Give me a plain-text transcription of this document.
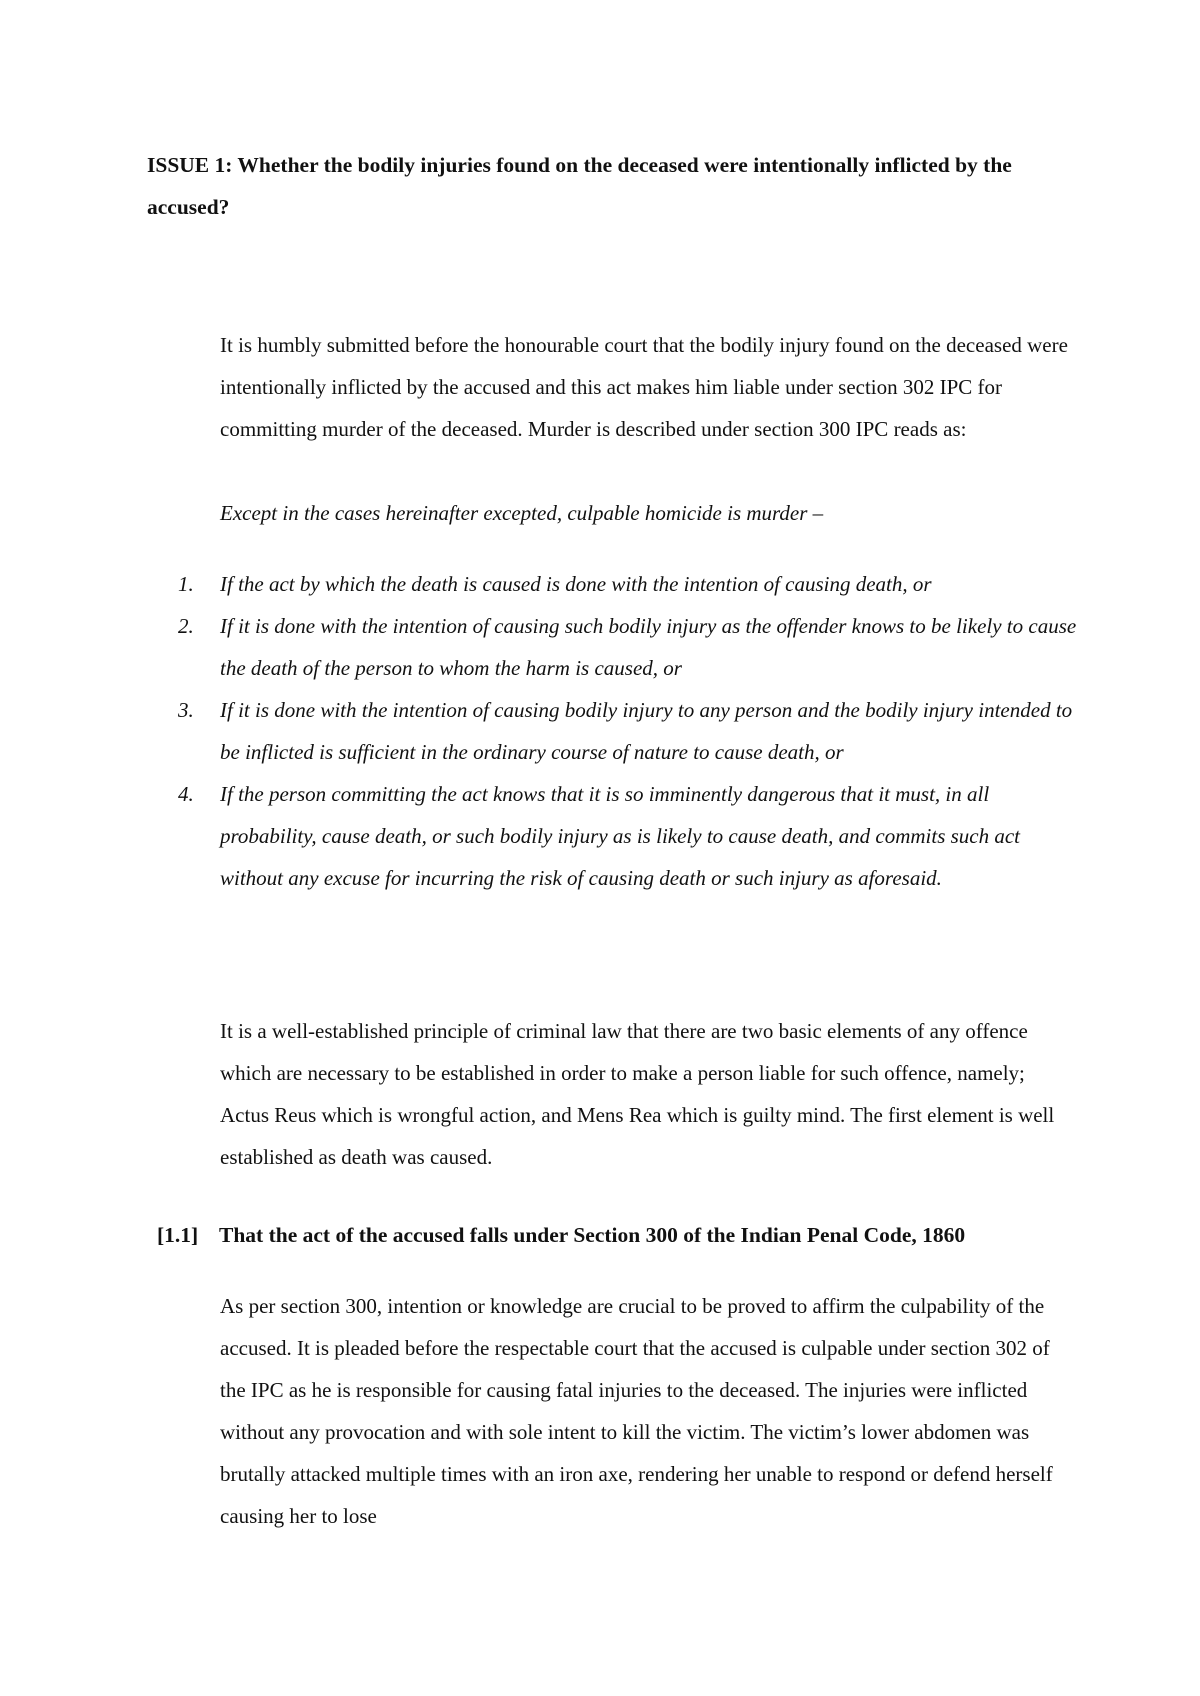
ISSUE 1: Whether the bodily injuries found on the deceased were intentionally inflicted by the accused?

It is humbly submitted before the honourable court that the bodily injury found on the deceased were intentionally inflicted by the accused and this act makes him liable under section 302 IPC for committing murder of the deceased. Murder is described under section 300 IPC reads as:

Except in the cases hereinafter excepted, culpable homicide is murder –

1. If the act by which the death is caused is done with the intention of causing death, or
2. If it is done with the intention of causing such bodily injury as the offender knows to be likely to cause the death of the person to whom the harm is caused, or
3. If it is done with the intention of causing bodily injury to any person and the bodily injury intended to be inflicted is sufficient in the ordinary course of nature to cause death, or
4. If the person committing the act knows that it is so imminently dangerous that it must, in all probability, cause death, or such bodily injury as is likely to cause death, and commits such act without any excuse for incurring the risk of causing death or such injury as aforesaid.

It is a well-established principle of criminal law that there are two basic elements of any offence which are necessary to be established in order to make a person liable for such offence, namely; Actus Reus which is wrongful action, and Mens Rea which is guilty mind. The first element is well established as death was caused.

[1.1] That the act of the accused falls under Section 300 of the Indian Penal Code, 1860

As per section 300, intention or knowledge are crucial to be proved to affirm the culpability of the accused. It is pleaded before the respectable court that the accused is culpable under section 302 of the IPC as he is responsible for causing fatal injuries to the deceased. The injuries were inflicted without any provocation and with sole intent to kill the victim. The victim’s lower abdomen was brutally attacked multiple times with an iron axe, rendering her unable to respond or defend herself causing her to lose
